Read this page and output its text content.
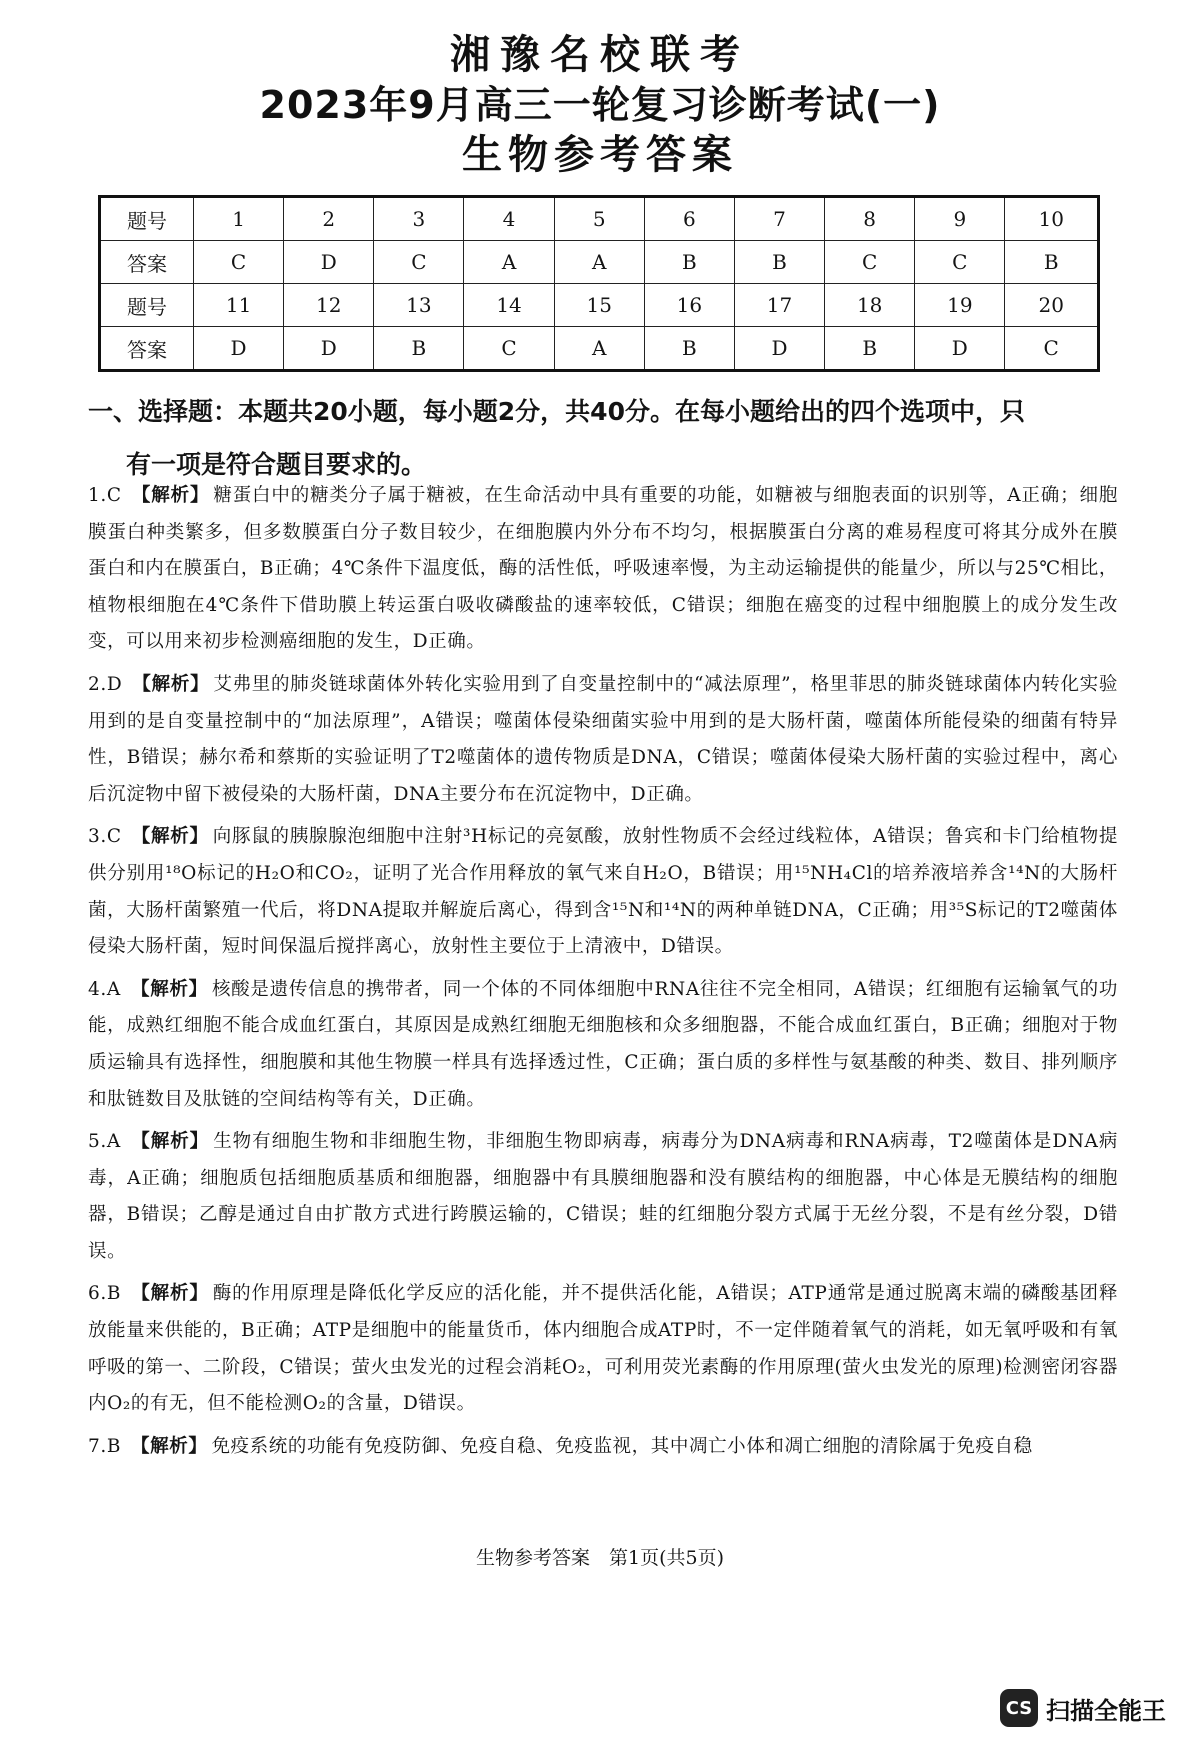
湘豫名校联考
2023年9月高三一轮复习诊断考试(一)
生物参考答案
题号	1	2	3	4	5	6	7	8	9	10
答案	C	D	C	A	A	B	B	C	C	B
题号	11	12	13	14	15	16	17	18	19	20
答案	D	D	B	C	A	B	D	B	D	C
一、选择题：本题共20小题，每小题2分，共40分。在每小题给出的四个选项中，只
有一项是符合题目要求的。
1.C 【解析】 糖蛋白中的糖类分子属于糖被，在生命活动中具有重要的功能，如糖被与细胞表面的识别等，A正确；细胞膜蛋白种类繁多，但多数膜蛋白分子数目较少，在细胞膜内外分布不均匀，根据膜蛋白分离的难易程度可将其分成外在膜蛋白和内在膜蛋白，B正确；4℃条件下温度低，酶的活性低，呼吸速率慢，为主动运输提供的能量少，所以与25℃相比，植物根细胞在4℃条件下借助膜上转运蛋白吸收磷酸盐的速率较低，C错误；细胞在癌变的过程中细胞膜上的成分发生改变，可以用来初步检测癌细胞的发生，D正确。
2.D 【解析】 艾弗里的肺炎链球菌体外转化实验用到了自变量控制中的“减法原理”，格里菲思的肺炎链球菌体内转化实验用到的是自变量控制中的“加法原理”，A错误；噬菌体侵染细菌实验中用到的是大肠杆菌，噬菌体所能侵染的细菌有特异性，B错误；赫尔希和蔡斯的实验证明了T2噬菌体的遗传物质是DNA，C错误；噬菌体侵染大肠杆菌的实验过程中，离心后沉淀物中留下被侵染的大肠杆菌，DNA主要分布在沉淀物中，D正确。
3.C 【解析】 向豚鼠的胰腺腺泡细胞中注射³H标记的亮氨酸，放射性物质不会经过线粒体，A错误；鲁宾和卡门给植物提供分别用¹⁸O标记的H₂O和CO₂，证明了光合作用释放的氧气来自H₂O，B错误；用¹⁵NH₄Cl的培养液培养含¹⁴N的大肠杆菌，大肠杆菌繁殖一代后，将DNA提取并解旋后离心，得到含¹⁵N和¹⁴N的两种单链DNA，C正确；用³⁵S标记的T2噬菌体侵染大肠杆菌，短时间保温后搅拌离心，放射性主要位于上清液中，D错误。
4.A 【解析】 核酸是遗传信息的携带者，同一个体的不同体细胞中RNA往往不完全相同，A错误；红细胞有运输氧气的功能，成熟红细胞不能合成血红蛋白，其原因是成熟红细胞无细胞核和众多细胞器，不能合成血红蛋白，B正确；细胞对于物质运输具有选择性，细胞膜和其他生物膜一样具有选择透过性，C正确；蛋白质的多样性与氨基酸的种类、数目、排列顺序和肽链数目及肽链的空间结构等有关，D正确。
5.A 【解析】 生物有细胞生物和非细胞生物，非细胞生物即病毒，病毒分为DNA病毒和RNA病毒，T2噬菌体是DNA病毒，A正确；细胞质包括细胞质基质和细胞器，细胞器中有具膜细胞器和没有膜结构的细胞器，中心体是无膜结构的细胞器，B错误；乙醇是通过自由扩散方式进行跨膜运输的，C错误；蛙的红细胞分裂方式属于无丝分裂，不是有丝分裂，D错误。
6.B 【解析】 酶的作用原理是降低化学反应的活化能，并不提供活化能，A错误；ATP通常是通过脱离末端的磷酸基团释放能量来供能的，B正确；ATP是细胞中的能量货币，体内细胞合成ATP时，不一定伴随着氧气的消耗，如无氧呼吸和有氧呼吸的第一、二阶段，C错误；萤火虫发光的过程会消耗O₂，可利用荧光素酶的作用原理(萤火虫发光的原理)检测密闭容器内O₂的有无，但不能检测O₂的含量，D错误。
7.B 【解析】 免疫系统的功能有免疫防御、免疫自稳、免疫监视，其中凋亡小体和凋亡细胞的清除属于免疫自稳
生物参考答案　第1页(共5页)
CS 扫描全能王
